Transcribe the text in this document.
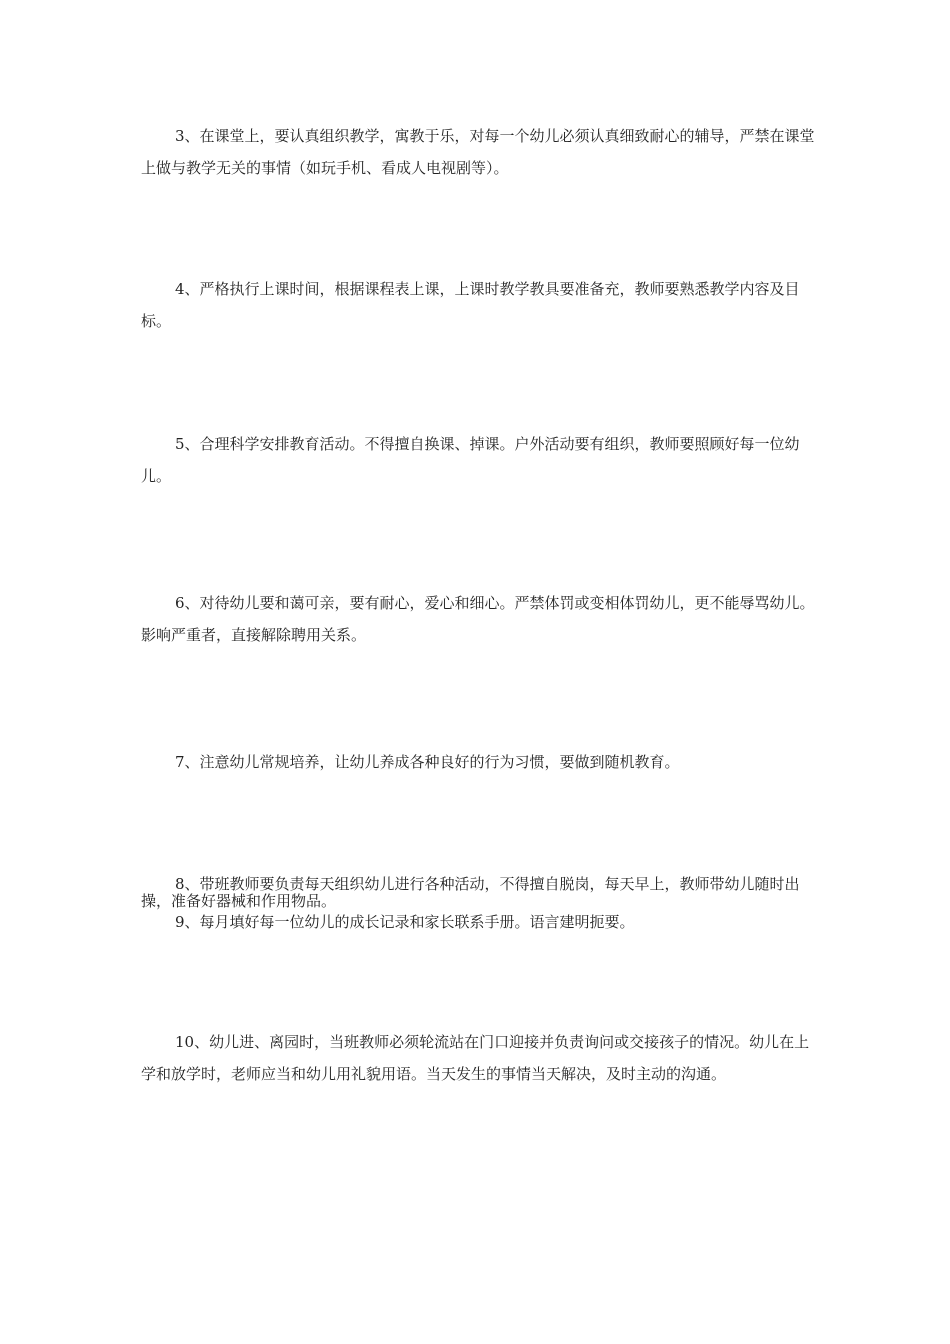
3、在课堂上，要认真组织教学，寓教于乐，对每一个幼儿必须认真细致耐心的辅导，严禁在课堂上做与教学无关的事情（如玩手机、看成人电视剧等）。

4、严格执行上课时间，根据课程表上课，上课时教学教具要准备充，教师要熟悉教学内容及目标。

5、合理科学安排教育活动。不得擅自换课、掉课。户外活动要有组织，教师要照顾好每一位幼儿。

6、对待幼儿要和蔼可亲，要有耐心，爱心和细心。严禁体罚或变相体罚幼儿，更不能辱骂幼儿。影响严重者，直接解除聘用关系。

7、注意幼儿常规培养，让幼儿养成各种良好的行为习惯，要做到随机教育。

8、带班教师要负责每天组织幼儿进行各种活动，不得擅自脱岗，每天早上，教师带幼儿随时出操，准备好器械和作用物品。

9、每月填好每一位幼儿的成长记录和家长联系手册。语言建明扼要。

10、幼儿进、离园时，当班教师必须轮流站在门口迎接并负责询问或交接孩子的情况。幼儿在上学和放学时，老师应当和幼儿用礼貌用语。当天发生的事情当天解决，及时主动的沟通。
